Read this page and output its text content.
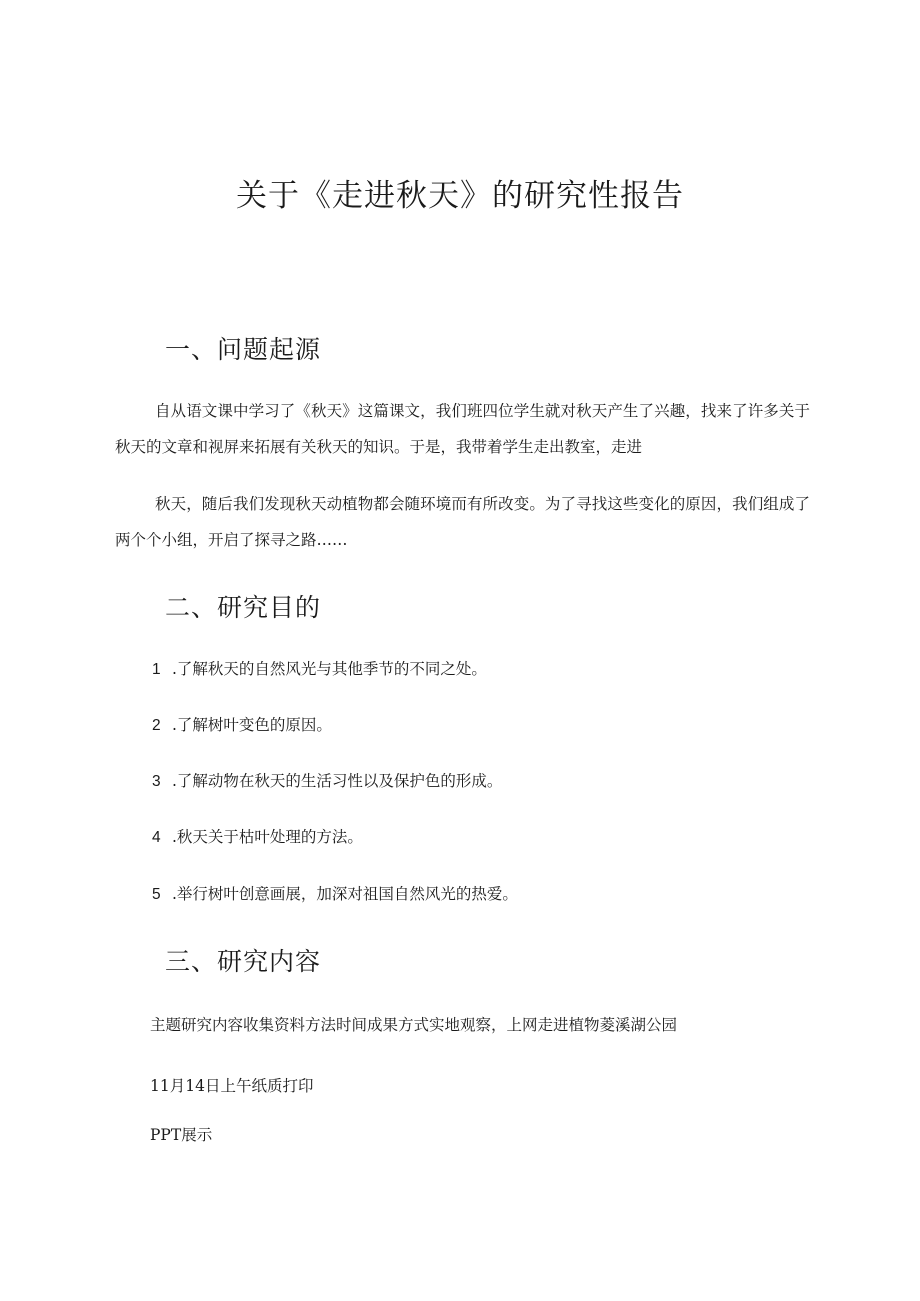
关于《走进秋天》的研究性报告
一、问题起源

自从语文课中学习了《秋天》这篇课文，我们班四位学生就对秋天产生了兴趣，找来了许多关于秋天的文章和视屏来拓展有关秋天的知识。于是，我带着学生走出教室，走进

秋天，随后我们发现秋天动植物都会随环境而有所改变。为了寻找这些变化的原因，我们组成了两个个小组，开启了探寻之路……

二、研究目的

1 .了解秋天的自然风光与其他季节的不同之处。

2 .了解树叶变色的原因。

3 .了解动物在秋天的生活习性以及保护色的形成。

4 .秋天关于枯叶处理的方法。

5 .举行树叶创意画展，加深对祖国自然风光的热爱。

三、研究内容

主题研究内容收集资料方法时间成果方式实地观察，上网走进植物菱溪湖公园

11月14日上午纸质打印

PPT展示
